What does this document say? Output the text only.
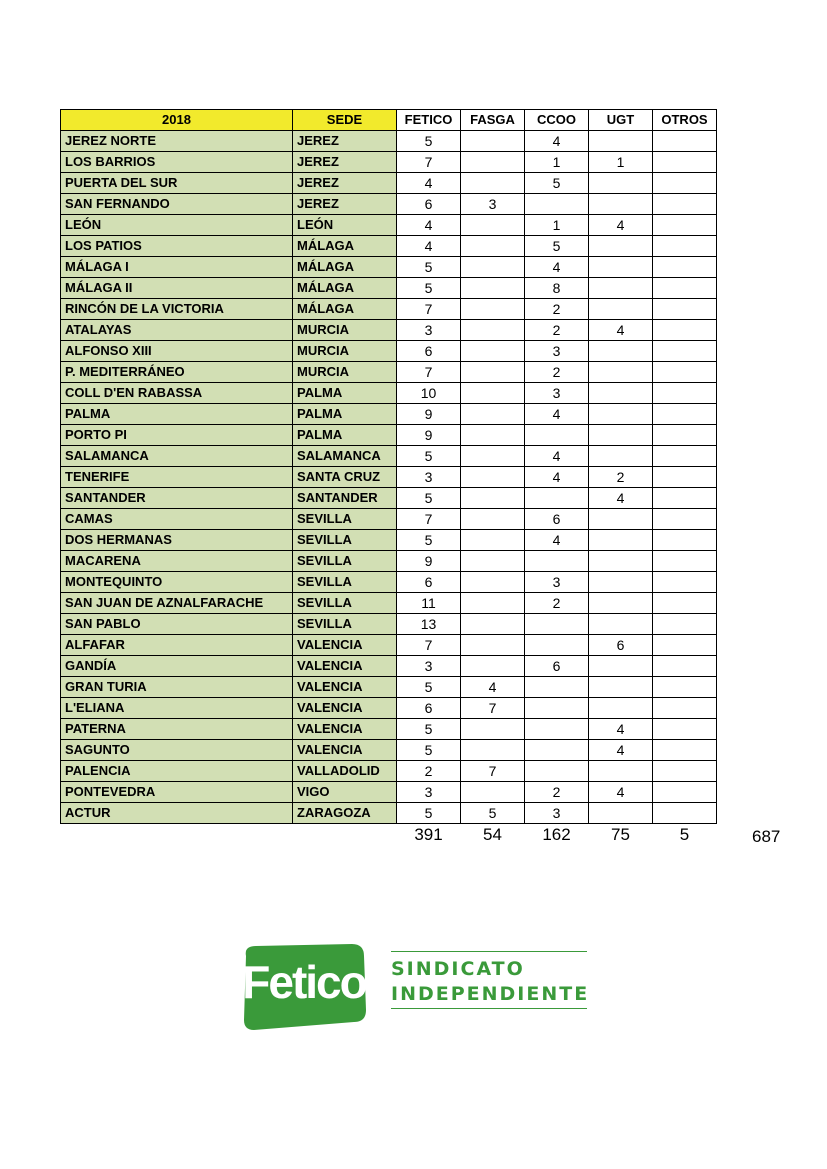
2018	SEDE	FETICO	FASGA	CCOO	UGT	OTROS
JEREZ NORTE	JEREZ	5		4		
LOS BARRIOS	JEREZ	7		1	1	
PUERTA DEL SUR	JEREZ	4		5		
SAN FERNANDO	JEREZ	6	3			
LEÓN	LEÓN	4		1	4	
LOS PATIOS	MÁLAGA	4		5		
MÁLAGA I	MÁLAGA	5		4		
MÁLAGA II	MÁLAGA	5		8		
RINCÓN DE LA VICTORIA	MÁLAGA	7		2		
ATALAYAS	MURCIA	3		2	4	
ALFONSO XIII	MURCIA	6		3		
P. MEDITERRÁNEO	MURCIA	7		2		
COLL D'EN RABASSA	PALMA	10		3		
PALMA	PALMA	9		4		
PORTO PI	PALMA	9				
SALAMANCA	SALAMANCA	5		4		
TENERIFE	SANTA CRUZ	3		4	2	
SANTANDER	SANTANDER	5			4	
CAMAS	SEVILLA	7		6		
DOS HERMANAS	SEVILLA	5		4		
MACARENA	SEVILLA	9				
MONTEQUINTO	SEVILLA	6		3		
SAN JUAN DE AZNALFARACHE	SEVILLA	11		2		
SAN PABLO	SEVILLA	13				
ALFAFAR	VALENCIA	7			6	
GANDÍA	VALENCIA	3		6		
GRAN TURIA	VALENCIA	5	4			
L'ELIANA	VALENCIA	6	7			
PATERNA	VALENCIA	5			4	
SAGUNTO	VALENCIA	5			4	
PALENCIA	VALLADOLID	2	7			
PONTEVEDRA	VIGO	3		2	4	
ACTUR	ZARAGOZA	5	5	3		
		391	54	162	75	5	687
Fetico SINDICATO
INDEPENDIENTE
